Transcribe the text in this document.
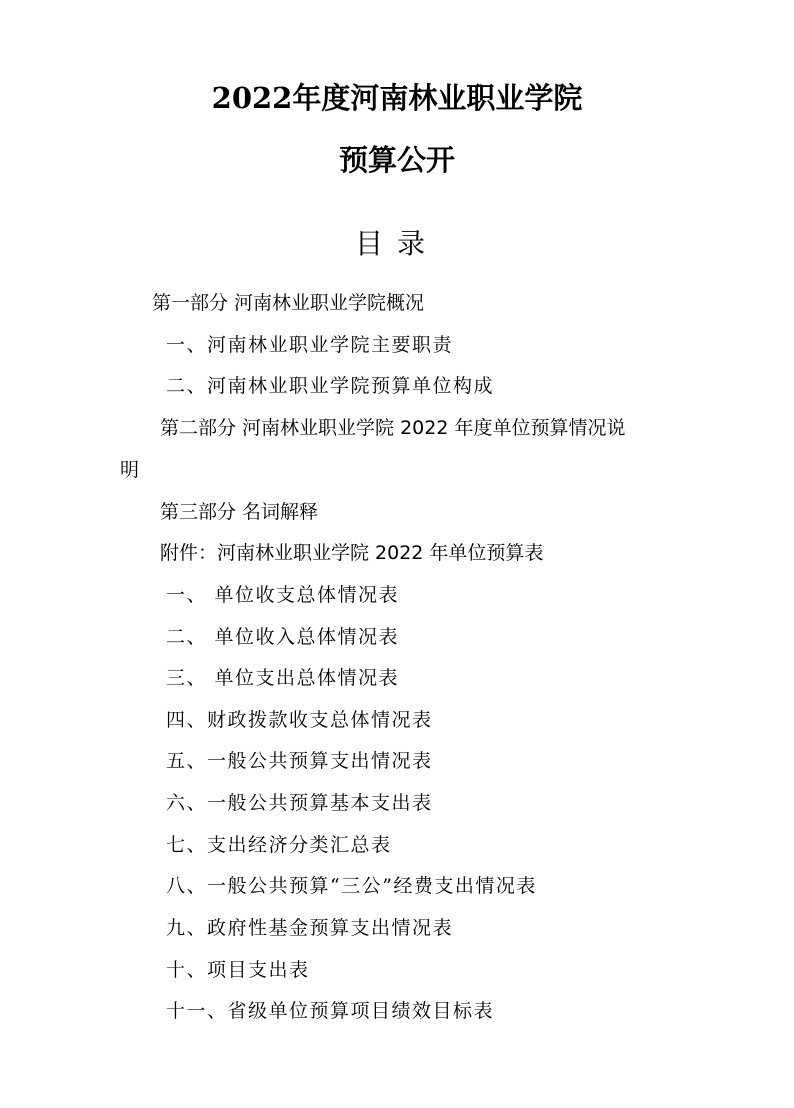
2022年度河南林业职业学院
预算公开
目录
第一部分 河南林业职业学院概况
一、河南林业职业学院主要职责
二、河南林业职业学院预算单位构成
第二部分 河南林业职业学院 2022 年度单位预算情况说
明
第三部分 名词解释
附件：河南林业职业学院 2022 年单位预算表
一、 单位收支总体情况表
二、 单位收入总体情况表
三、 单位支出总体情况表
四、财政拨款收支总体情况表
五、一般公共预算支出情况表
六、一般公共预算基本支出表
七、支出经济分类汇总表
八、一般公共预算“三公”经费支出情况表
九、政府性基金预算支出情况表
十、项目支出表
十一、省级单位预算项目绩效目标表
